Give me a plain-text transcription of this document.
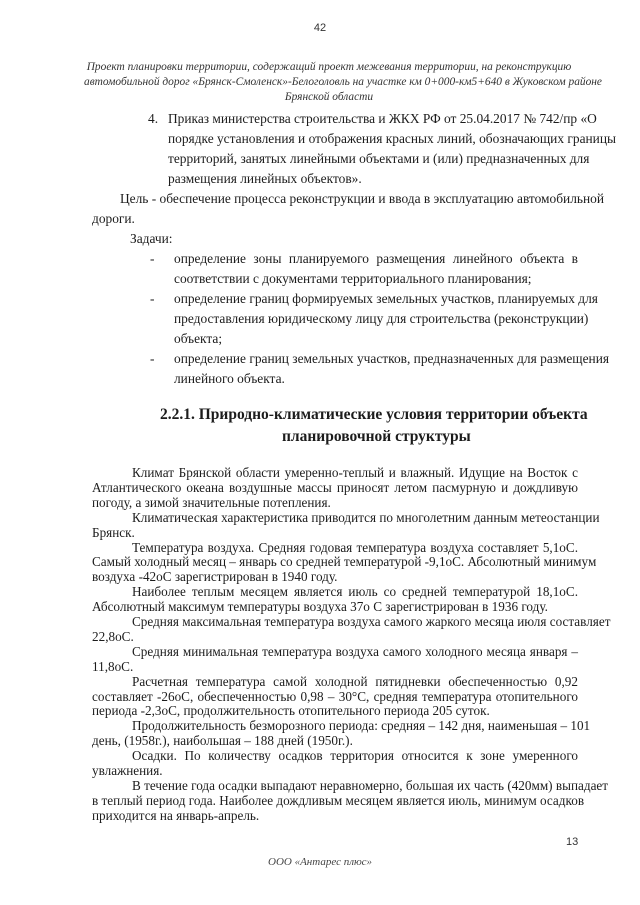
42
Проект планировки территории, содержащий проект межевания территории, на реконструкцию
автомобильной дорог «Брянск-Смоленск»-Белоголовль на участке км 0+000-км5+640 в Жуковском районе
Брянской области
4. Приказ министерства строительства и ЖКХ РФ от 25.04.2017 № 742/пр «О
порядке установления и отображения красных линий, обозначающих границы
территорий, занятых линейными объектами и (или) предназначенных для
размещения линейных объектов».
Цель - обеспечение процесса реконструкции и ввода в эксплуатацию автомобильной
дороги.
Задачи:
- определение зоны планируемого размещения линейного объекта в
соответствии с документами территориального планирования;
- определение границ формируемых земельных участков, планируемых для
предоставления юридическому лицу для строительства (реконструкции)
объекта;
- определение границ земельных участков, предназначенных для размещения
линейного объекта.
2.2.1. Природно-климатические условия территории объекта
планировочной структуры
13
ООО «Антарес плюс»
Климат Брянской области умеренно-теплый и влажный. Идущие на Восток с
Атлантического океана воздушные массы приносят летом пасмурную и дождливую
погоду, а зимой значительные потепления.
Климатическая характеристика приводится по многолетним данным метеостанции
Брянск.
Температура воздуха. Средняя годовая температура воздуха составляет 5,1оС.
Самый холодный месяц – январь со средней температурой -9,1оС. Абсолютный минимум
воздуха -42оС зарегистрирован в 1940 году.
Наиболее теплым месяцем является июль со средней температурой 18,1оС.
Абсолютный максимум температуры воздуха 37о С зарегистрирован в 1936 году.
Средняя максимальная температура воздуха самого жаркого месяца июля составляет
22,8оС.
Средняя минимальная температура воздуха самого холодного месяца января –
11,8оС.
Расчетная температура самой холодной пятидневки обеспеченностью 0,92
составляет -26оС, обеспеченностью 0,98 – 30°С, средняя температура отопительного
периода -2,3оС, продолжительность отопительного периода 205 суток.
Продолжительность безморозного периода: средняя – 142 дня, наименьшая – 101
день, (1958г.), наибольшая – 188 дней (1950г.).
Осадки. По количеству осадков территория относится к зоне умеренного
увлажнения.
В течение года осадки выпадают неравномерно, большая их часть (420мм) выпадает
в теплый период года. Наиболее дождливым месяцем является июль, минимум осадков
приходится на январь-апрель.
